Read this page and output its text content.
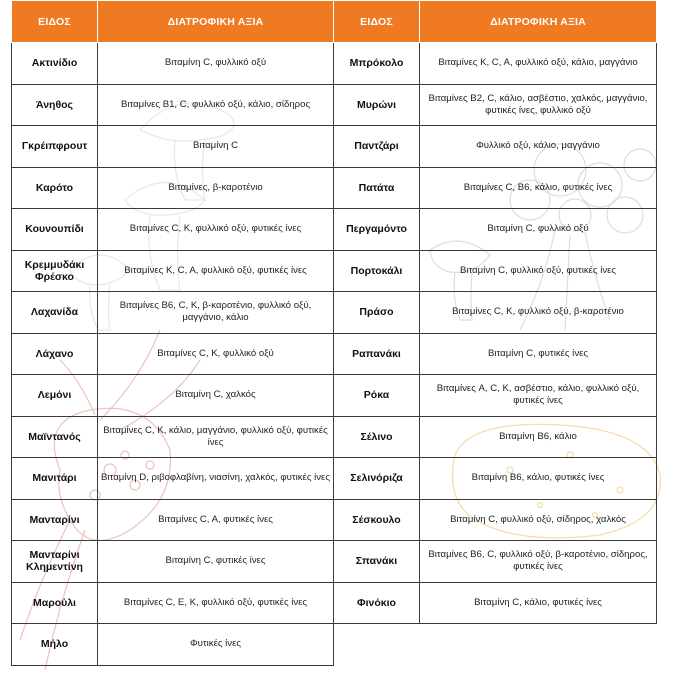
ΕΙΔΟΣ	ΔΙΑΤΡΟΦΙΚΗ ΑΞΙΑ
Ακτινίδιο	Βιταμίνη C, φυλλικό οξύ
Άνηθος	Βιταμίνες Β1, C, φυλλικό οξύ, κάλιο, σίδηρος
Γκρέιπφρουτ	Βιταμίνη C
Καρότο	Βιταμίνες, β-καροτένιο
Κουνουπίδι	Βιταμίνες C, K, φυλλικό οξύ, φυτικές ίνες
Κρεμμυδάκι Φρέσκο	Βιταμίνες K, C, A, φυλλικό οξύ, φυτικές ίνες
Λαχανίδα	Βιταμίνες Β6, C, K, β-καροτένιο, φυλλικό οξύ, μαγγάνιο, κάλιο
Λάχανο	Βιταμίνες C, K, φυλλικό οξύ
Λεμόνι	Βιταμίνη C, χαλκός
Μαϊντανός	Βιταμίνες C, K, κάλιο, μαγγάνιο, φυλλικό οξύ, φυτικές ίνες
Μανιτάρι	Βιταμίνη D, ριβοφλαβίνη, νιασίνη, χαλκός, φυτικές ίνες
Μανταρίνι	Βιταμίνες C, A, φυτικές ίνες
Μανταρίνι Κλημεντίνη	Βιταμίνη C, φυτικές ίνες
Μαρούλι	Βιταμίνες C, E, K, φυλλικό οξύ, φυτικές ίνες
Μήλο	Φυτικές ίνες
ΕΙΔΟΣ	ΔΙΑΤΡΟΦΙΚΗ ΑΞΙΑ
Μπρόκολο	Βιταμίνες K, C, A, φυλλικό οξύ, κάλιο, μαγγάνιο
Μυρώνι	Βιταμίνες Β2, C, κάλιο, ασβέστιο, χαλκός, μαγγάνιο, φυτικές ίνες, φυλλικό οξύ
Παντζάρι	Φυλλικό οξύ, κάλιο, μαγγάνιο
Πατάτα	Βιταμίνες C, Β6, κάλιο, φυτικές ίνες
Περγαμόντο	Βιταμίνη C, φυλλικό οξύ
Πορτοκάλι	Βιταμίνη C, φυλλικό οξύ, φυτικές ίνες
Πράσο	Βιταμίνες C, K, φυλλικό οξύ, β-καροτένιο
Ραπανάκι	Βιταμίνη C, φυτικές ίνες
Ρόκα	Βιταμίνες A, C, K, ασβέστιο, κάλιο, φυλλικό οξύ, φυτικές ίνες
Σέλινο	Βιταμίνη Β6, κάλιο
Σελινόριζα	Βιταμίνη Β6, κάλιο, φυτικές ίνες
Σέσκουλο	Βιταμίνη C, φυλλικό οξύ, σίδηρος, χαλκός
Σπανάκι	Βιταμίνες Β6, C, φυλλικό οξύ, β-καροτένιο, σίδηρος, φυτικές ίνες
Φινόκιο	Βιταμίνη C, κάλιο, φυτικές ίνες
